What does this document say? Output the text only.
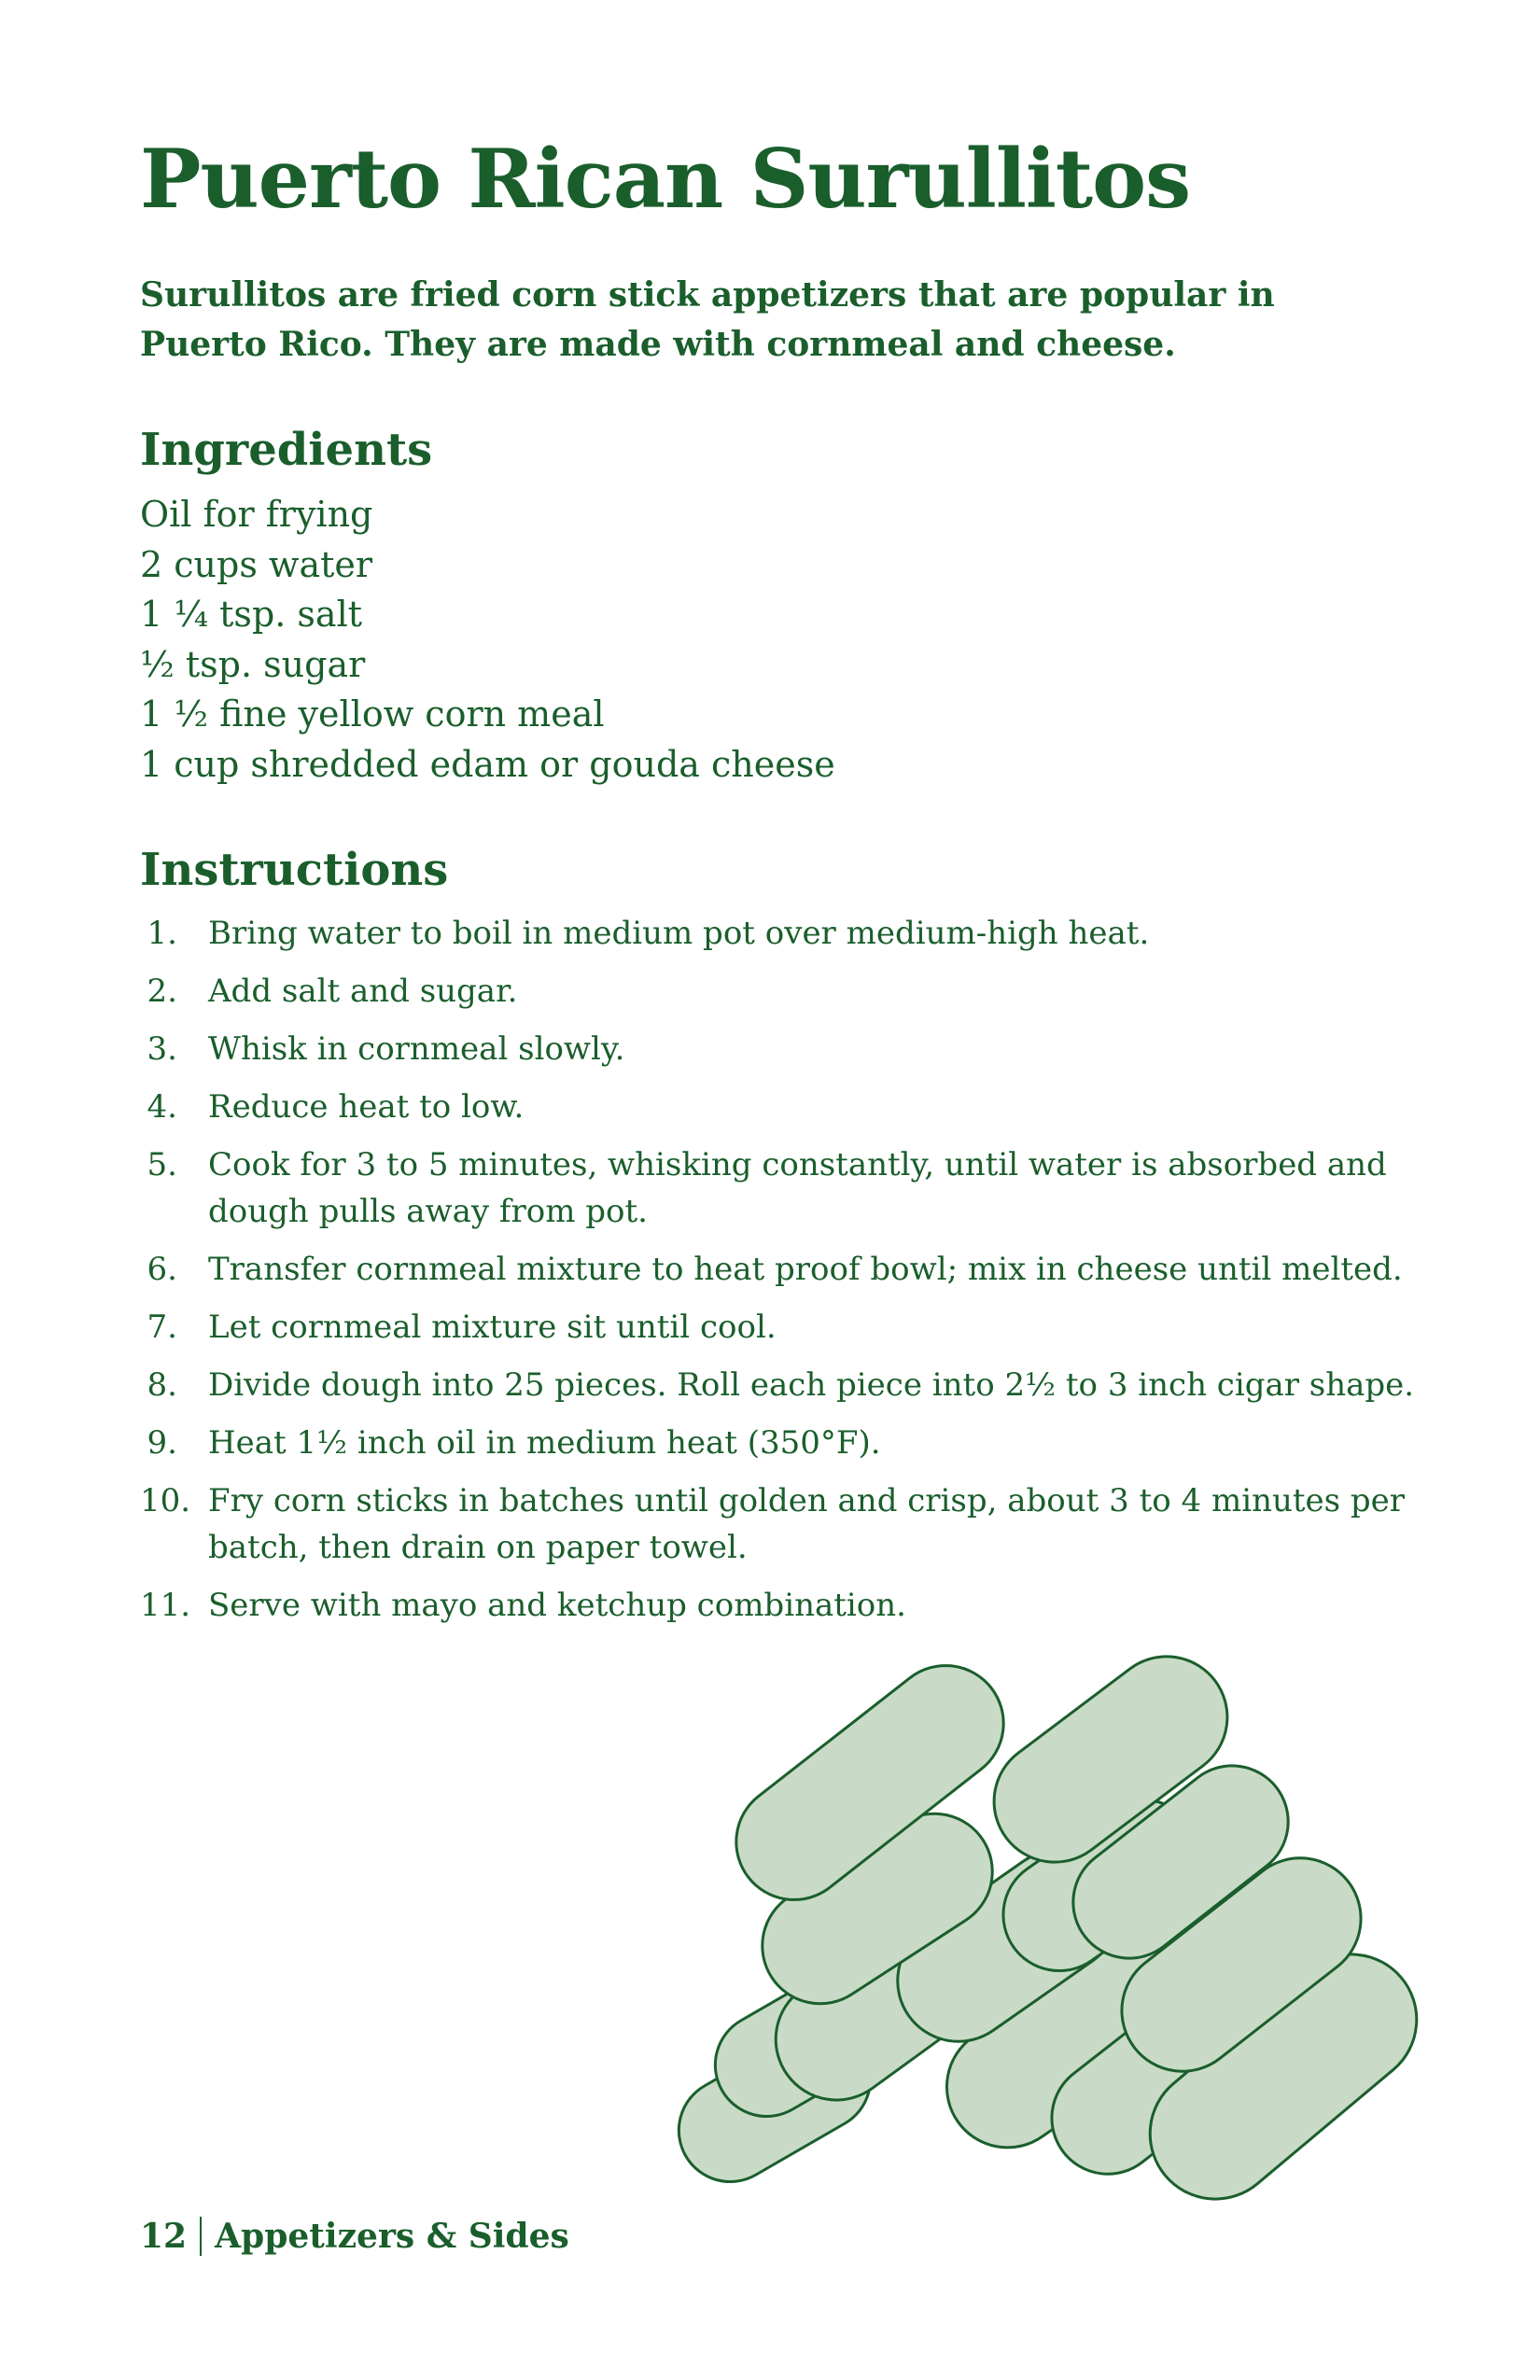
Puerto Rican Surullitos

Surullitos are fried corn stick appetizers that are popular in Puerto Rico. They are made with cornmeal and cheese.

Ingredients
Oil for frying
2 cups water
1 ¼ tsp. salt
½ tsp. sugar
1 ½ fine yellow corn meal
1 cup shredded edam or gouda cheese
Instructions
1. Bring water to boil in medium pot over medium-high heat.
2. Add salt and sugar.
3. Whisk in cornmeal slowly.
4. Reduce heat to low.
5. Cook for 3 to 5 minutes, whisking constantly, until water is absorbed and dough pulls away from pot.
6. Transfer cornmeal mixture to heat proof bowl; mix in cheese until melted.
7. Let cornmeal mixture sit until cool.
8. Divide dough into 25 pieces. Roll each piece into 2½ to 3 inch cigar shape.
9. Heat 1½ inch oil in medium heat (350°F).
10. Fry corn sticks in batches until golden and crisp, about 3 to 4 minutes per batch, then drain on paper towel.
11. Serve with mayo and ketchup combination.
12 Appetizers & Sides
